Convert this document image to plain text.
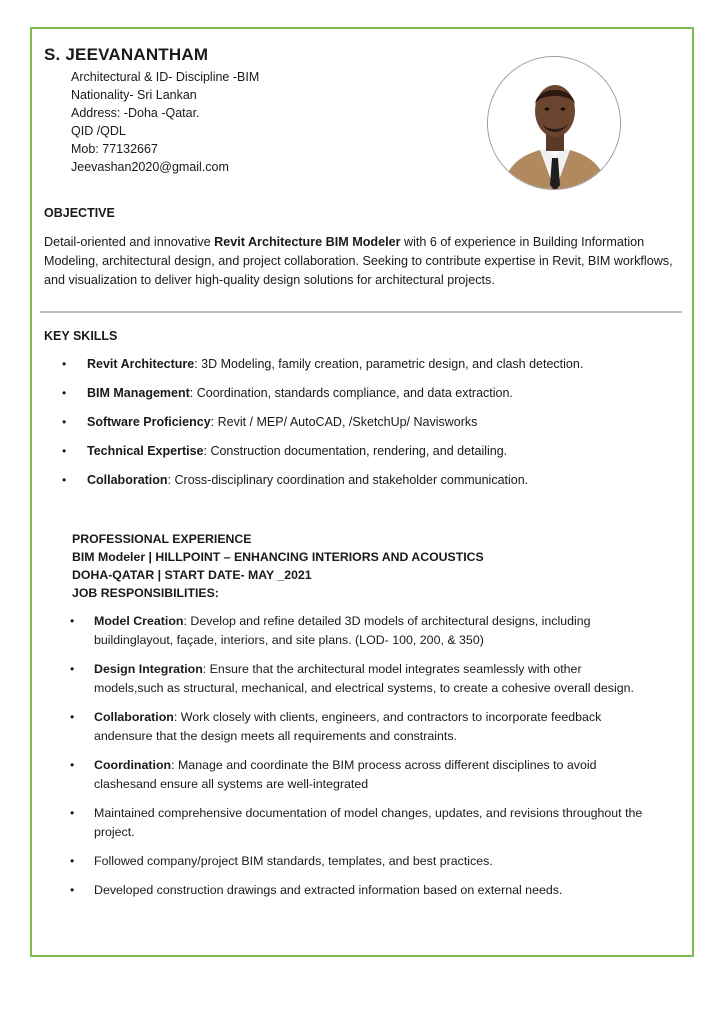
S. JEEVANANTHAM
Architectural & ID- Discipline -BIM
Nationality- Sri Lankan
Address: -Doha -Qatar.
QID /QDL
Mob: 77132667
Jeevashan2020@gmail.com
OBJECTIVE

Detail-oriented and innovative Revit Architecture BIM Modeler with 6 of experience in Building Information Modeling, architectural design, and project collaboration. Seeking to contribute expertise in Revit, BIM workflows, and visualization to deliver high-quality design solutions for architectural projects.

KEY SKILLS
• Revit Architecture: 3D Modeling, family creation, parametric design, and clash detection.
• BIM Management: Coordination, standards compliance, and data extraction.
• Software Proficiency: Revit / MEP/ AutoCAD, /SketchUp/ Navisworks
• Technical Expertise: Construction documentation, rendering, and detailing.
• Collaboration: Cross-disciplinary coordination and stakeholder communication.
PROFESSIONAL EXPERIENCE
BIM Modeler | HILLPOINT – ENHANCING INTERIORS AND ACOUSTICS
DOHA-QATAR | START DATE- MAY _2021
JOB RESPONSIBILITIES:
• Model Creation: Develop and refine detailed 3D models of architectural designs, including buildinglayout, façade, interiors, and site plans. (LOD- 100, 200, & 350)
• Design Integration: Ensure that the architectural model integrates seamlessly with other models,such as structural, mechanical, and electrical systems, to create a cohesive overall design.
• Collaboration: Work closely with clients, engineers, and contractors to incorporate feedback andensure that the design meets all requirements and constraints.
• Coordination: Manage and coordinate the BIM process across different disciplines to avoid clashesand ensure all systems are well-integrated
• Maintained comprehensive documentation of model changes, updates, and revisions throughout the project.
• Followed company/project BIM standards, templates, and best practices.
• Developed construction drawings and extracted information based on external needs.
